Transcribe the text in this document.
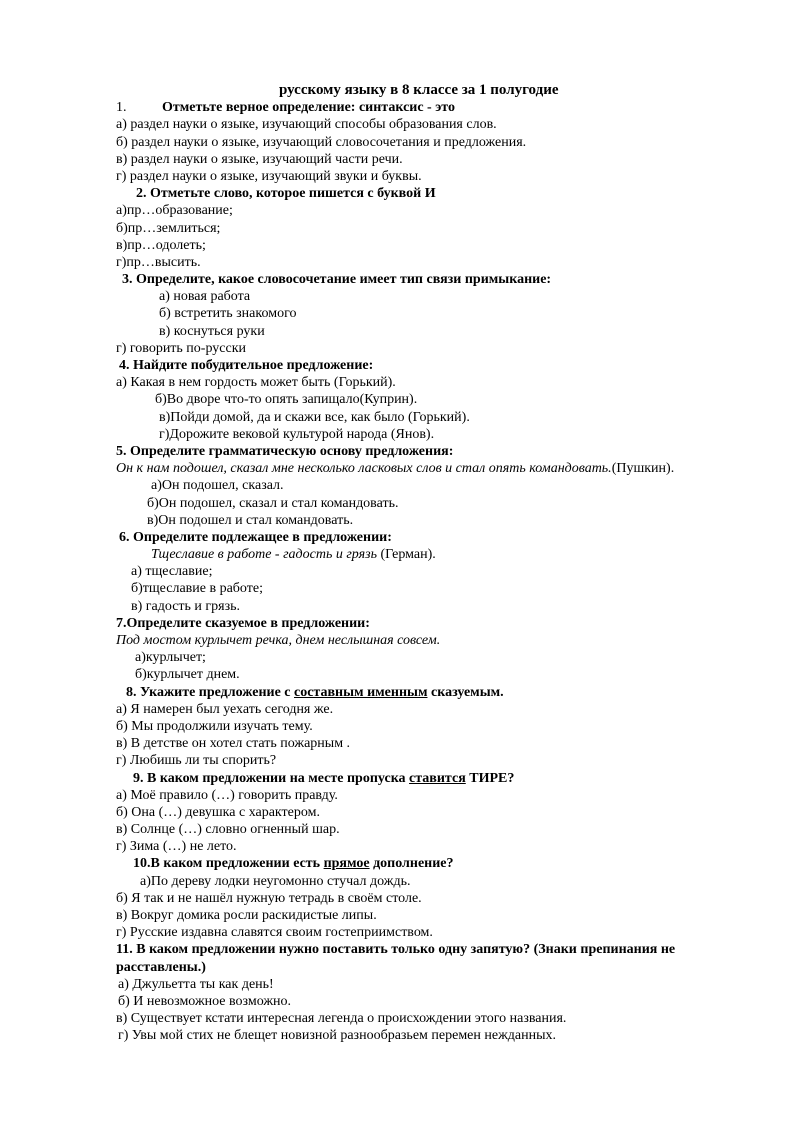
русскому языку в 8 классе за 1 полугодие
1.	Отметьте верное определение: синтаксис - это
а) раздел науки о языке, изучающий способы образования слов.
б) раздел науки о языке, изучающий словосочетания и предложения.
в) раздел науки о языке, изучающий части речи.
г) раздел науки о языке, изучающий звуки и буквы.
2. Отметьте слово, которое пишется с буквой И
а)пр…образование;
б)пр…землиться;
в)пр…одолеть;
г)пр…высить.
3. Определите, какое словосочетание имеет тип связи примыкание:
а) новая работа
б) встретить знакомого
в) коснуться руки
г) говорить по-русски
4. Найдите побудительное предложение:
а) Какая в нем гордость может быть (Горький).
б)Во дворе что-то опять запищало(Куприн).
в)Пойди домой, да и скажи все, как было (Горький).
г)Дорожите вековой культурой народа (Янов).
5. Определите грамматическую основу предложения:
Он к нам подошел, сказал мне несколько ласковых слов и стал опять командовать.(Пушкин).
а)Он подошел, сказал.
б)Он подошел, сказал и стал командовать.
в)Он подошел и стал командовать.
6. Определите подлежащее в предложении:
Тщеславие в работе - гадость и грязь (Герман).
а) тщеславие;
б)тщеславие в работе;
в) гадость и грязь.
7.Определите сказуемое в предложении:
Под мостом курлычет речка, днем неслышная совсем.
а)курлычет;
б)курлычет днем.
8. Укажите предложение с составным именным сказуемым.
а) Я намерен был уехать сегодня же.
б) Мы продолжили изучать тему.
в) В детстве он хотел стать пожарным .
г) Любишь ли ты спорить?
9. В каком предложении на месте пропуска ставится ТИРЕ?
а) Моё правило (…) говорить правду.
б) Она (…) девушка с характером.
в) Солнце (…) словно огненный шар.
г) Зима (…) не лето.
10.В каком предложении есть прямое дополнение?
а)По дереву лодки неугомонно стучал дождь.
б) Я так и не нашёл нужную тетрадь в своём столе.
в) Вокруг домика росли раскидистые липы.
г) Русские издавна славятся своим гостеприимством.
11. В каком предложении нужно поставить только одну запятую? (Знаки препинания не расставлены.)
а) Джульетта ты как день!
б) И невозможное возможно.
в) Существует кстати интересная легенда о происхождении этого названия.
г) Увы мой стих не блещет новизной разнообразьем перемен нежданных.
